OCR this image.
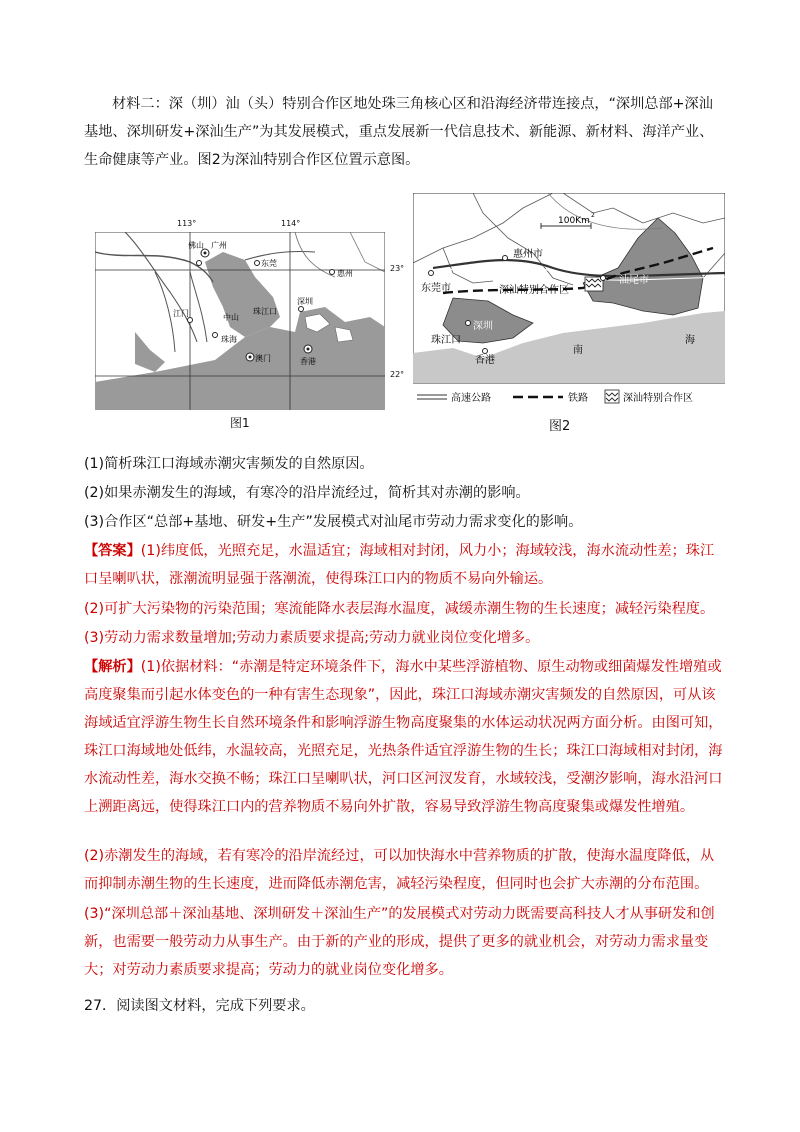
材料二：深（圳）汕（头）特别合作区地处珠三角核心区和沿海经济带连接点，“深圳总部+深汕基地、深圳研发+深汕生产”为其发展模式，重点发展新一代信息技术、新能源、新材料、海洋产业、生命健康等产业。图2为深汕特别合作区位置示意图。

佛山 广州
东莞
惠州
深圳
江门	中山
珠江口
珠海
澳门	香港
113°	114°
23°
22°
图1
惠州市
东莞市	深汕特别合作区
汕尾市
深圳
珠江口
香港
南
海
100Km
2
高速公路	铁路	深汕特别合作区
图2

(1)简析珠江口海域赤潮灾害频发的自然原因。

(2)如果赤潮发生的海域，有寒冷的沿岸流经过，简析其对赤潮的影响。

(3)合作区“总部+基地、研发+生产”发展模式对汕尾市劳动力需求变化的影响。

【答案】(1)纬度低，光照充足，水温适宜；海域相对封闭，风力小；海域较浅，海水流动性差；珠江口呈喇叭状，涨潮流明显强于落潮流，使得珠江口内的物质不易向外输运。

(2)可扩大污染物的污染范围；寒流能降水表层海水温度，减缓赤潮生物的生长速度；减轻污染程度。

(3)劳动力需求数量增加;劳动力素质要求提高;劳动力就业岗位变化增多。

【解析】(1)依据材料：“赤潮是特定环境条件下，海水中某些浮游植物、原生动物或细菌爆发性增殖或高度聚集而引起水体变色的一种有害生态现象”，因此，珠江口海域赤潮灾害频发的自然原因，可从该海域适宜浮游生物生长自然环境条件和影响浮游生物高度聚集的水体运动状况两方面分析。由图可知，珠江口海域地处低纬，水温较高，光照充足，光热条件适宜浮游生物的生长；珠江口海域相对封闭，海水流动性差，海水交换不畅；珠江口呈喇叭状，河口区河汊发育，水域较浅，受潮汐影响，海水沿河口上溯距离远，使得珠江口内的营养物质不易向外扩散，容易导致浮游生物高度聚集或爆发性增殖。

(2)赤潮发生的海域，若有寒冷的沿岸流经过，可以加快海水中营养物质的扩散，使海水温度降低，从而抑制赤潮生物的生长速度，进而降低赤潮危害，减轻污染程度，但同时也会扩大赤潮的分布范围。

(3)“深圳总部＋深汕基地、深圳研发＋深汕生产”的发展模式对劳动力既需要高科技人才从事研发和创新，也需要一般劳动力从事生产。由于新的产业的形成，提供了更多的就业机会，对劳动力需求量变大；对劳动力素质要求提高；劳动力的就业岗位变化增多。

27．阅读图文材料，完成下列要求。
